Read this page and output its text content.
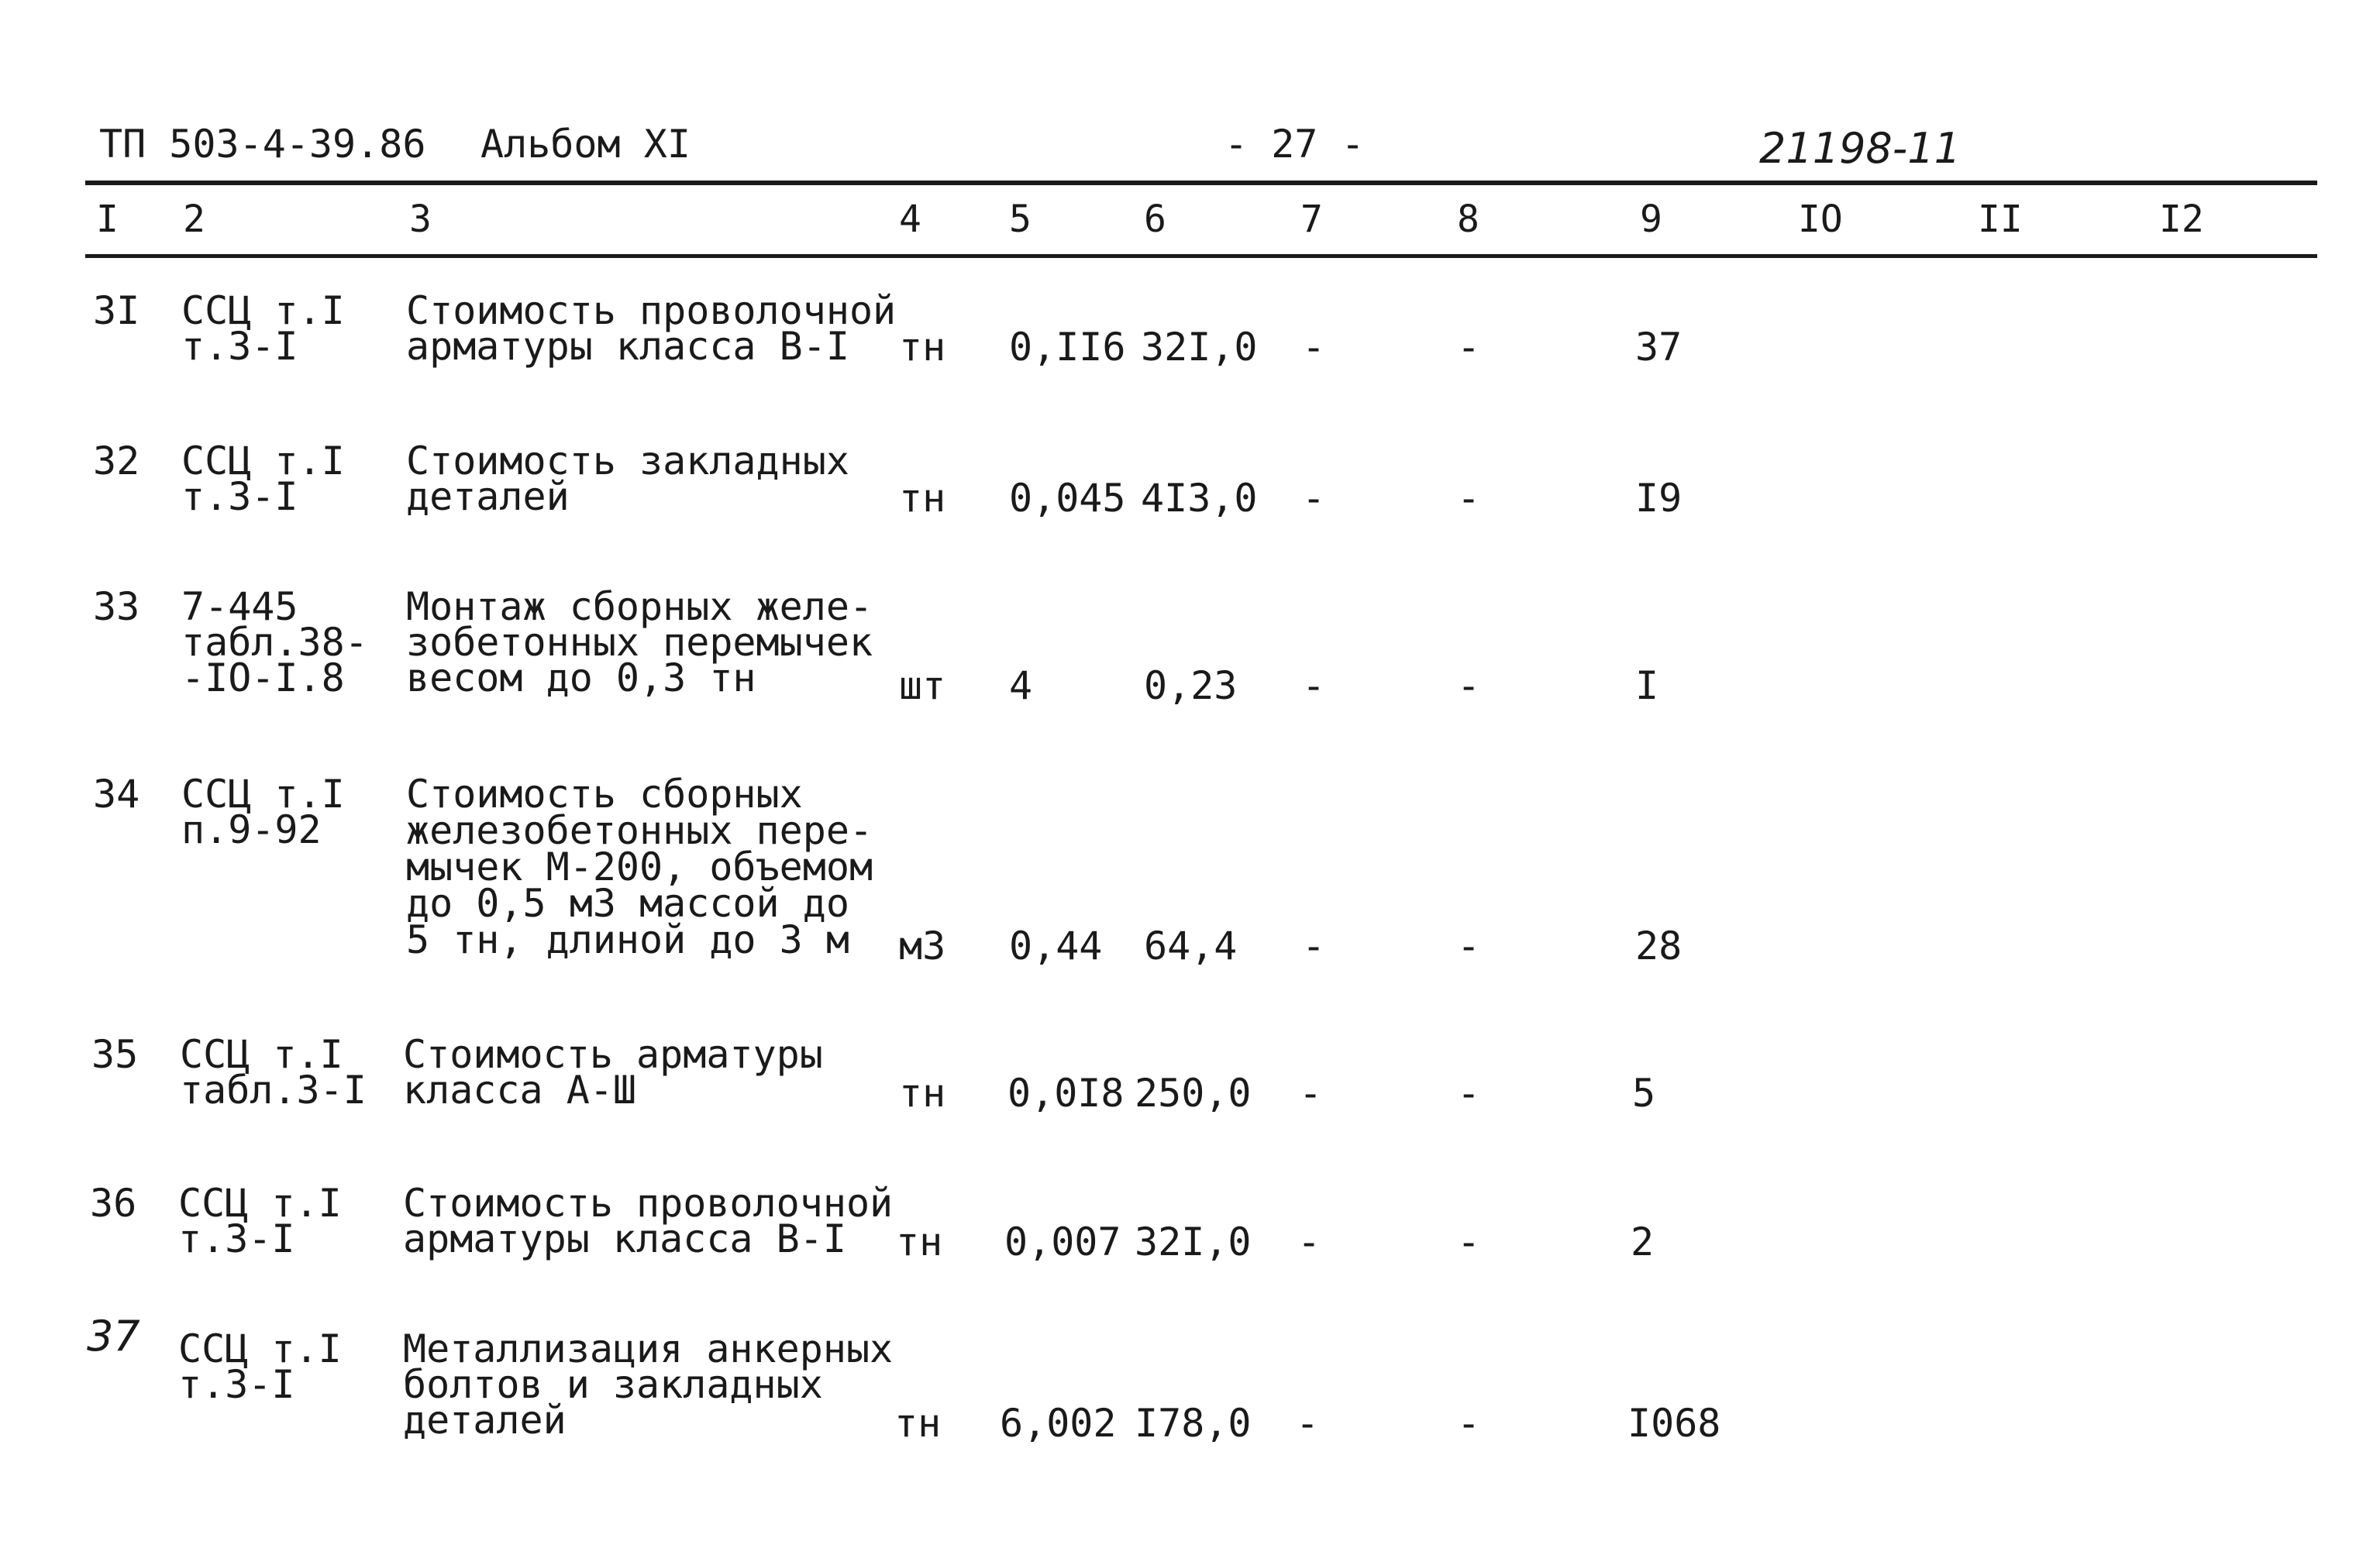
ТП 503-4-39.86 Альбом XI	- 27 -	21198-11
I 2	3	4 5	6	7	8	9	IO	II	I2
3I ССЦ т.I
т.3-I
Стоимость проволочной
арматуры класса В-I	тн 0,II6 32I,0 -	-	37
32 ССЦ т.I
т.3-I
Стоимость закладных
деталей	тн 0,045 4I3,0 -	-	I9
33 7-445
табл.38-
-IO-I.8
Монтаж сборных желе-
зобетонных перемычек
весом до 0,3 тн	шт 4	0,23 -	-	I
34 ССЦ т.I
п.9-92
Стоимость сборных
железобетонных пере-
мычек М-200, объемом
до 0,5 м3 массой до
5 тн, длиной до 3 м	м3 0,44 64,4 -	-	28
35 ССЦ т.I
табл.3-I
Стоимость арматуры
класса А-Ш	тн 0,0I8 250,0 -	-	5
36 ССЦ т.I
т.3-I
Стоимость проволочной
арматуры класса В-I	тн 0,007 32I,0 -	-	2
37 ССЦ т.I
т.3-I
Металлизация анкерных
болтов и закладных
деталей	тн 6,002 I78,0 -	-	I068
